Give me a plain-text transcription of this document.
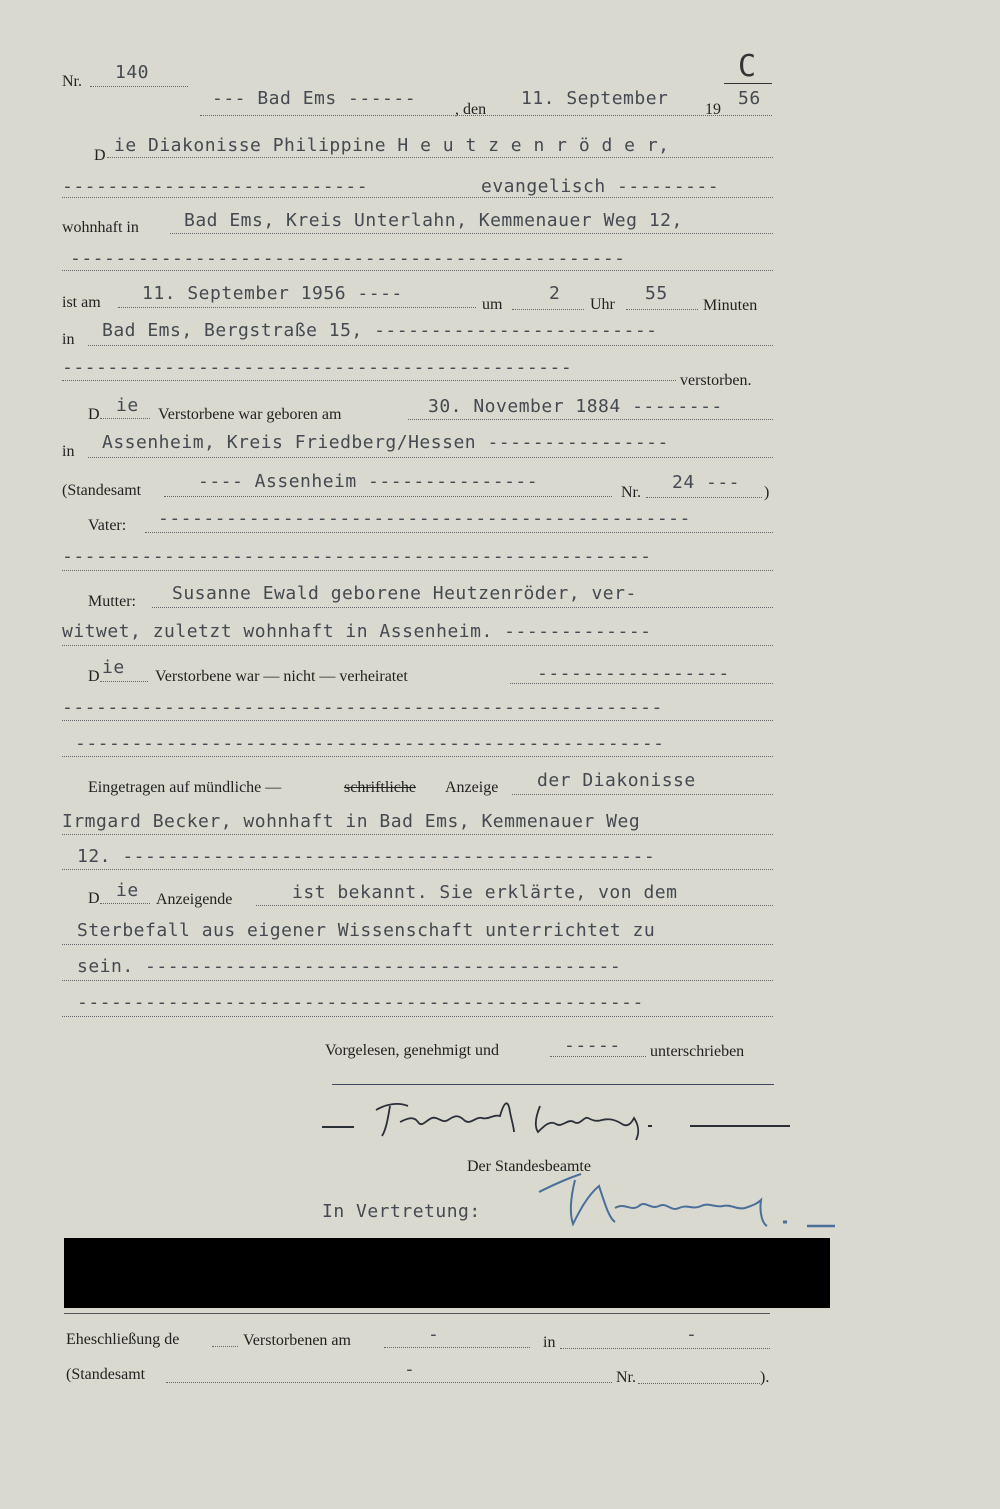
Nr. 140	C
--- Bad Ems ------
, den
11. September
19
56
D ie Diakonisse Philippine H e u t z e n r ö d e r,
---------------------------	evangelisch ---------
wohnhaft in	Bad Ems, Kreis Unterlahn, Kemmenauer Weg 12,
-------------------------------------------------
ist am 11. September 1956 ----
um
2
Uhr
55
Minuten
in Bad Ems, Bergstraße 15, -------------------------
---------------------------------------------
verstorben.
D ie Verstorbene war geboren am	30. November 1884 --------
in Assenheim, Kreis Friedberg/Hessen ----------------
(Standesamt	---- Assenheim ---------------
Nr. 24 --- )
Vater: -----------------------------------------------
----------------------------------------------------
Mutter: Susanne Ewald geborene Heutzenröder, ver-
witwet, zuletzt wohnhaft in Assenheim. -------------
D ie Verstorbene war — nicht — verheiratet	-----------------
-----------------------------------------------------
----------------------------------------------------
Eingetragen auf mündliche —	schriftliche Anzeige der Diakonisse
Irmgard Becker, wohnhaft in Bad Ems, Kemmenauer Weg
12. -----------------------------------------------
D ie Anzeigende	ist bekannt. Sie erklärte, von dem
Sterbefall aus eigener Wissenschaft unterrichtet zu
sein. ------------------------------------------
--------------------------------------------------
Vorgelesen, genehmigt und	----- unterschrieben
Der Standesbeamte
In Vertretung:
Eheschließung de	Verstorbenen am	-	in	-
(Standesamt	-	Nr.	).
